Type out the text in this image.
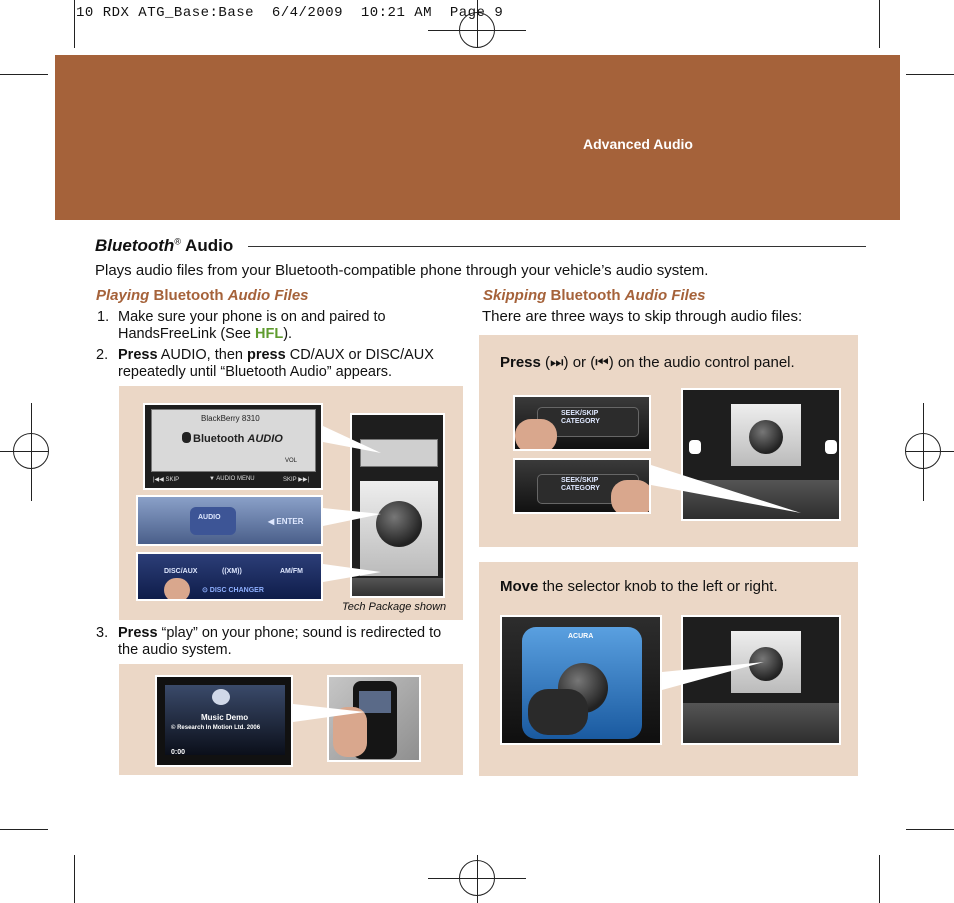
10 RDX ATG_Base:Base  6/4/2009  10:21 AM  Page 9
Advanced Audio
Bluetooth® Audio
Plays audio files from your Bluetooth-compatible phone through your vehicle’s audio system.
Playing Bluetooth Audio Files
1. Make sure your phone is on and paired to HandsFreeLink (See HFL).
2. Press AUDIO, then press CD/AUX or DISC/AUX repeatedly until “Bluetooth Audio” appears.
BlackBerry 8310
Bluetooth AUDIO
VOL
|◀◀ SKIP	▼ AUDIO MENU	SKIP ▶▶|
AUDIO	◀ ENTER
DISC/AUX	((XM))	AM/FM
⊙ DISC CHANGER
Tech Package shown
3. Press “play” on your phone; sound is redirected to the audio system.
Music Demo
© Research In Motion Ltd. 2006
0:00
Skipping Bluetooth Audio Files
There are three ways to skip through audio files:
Press (⏭) or (⏮) on the audio control panel.
SEEK/SKIP CATEGORY
SEEK/SKIP CATEGORY
Move the selector knob to the left or right.
ACURA
